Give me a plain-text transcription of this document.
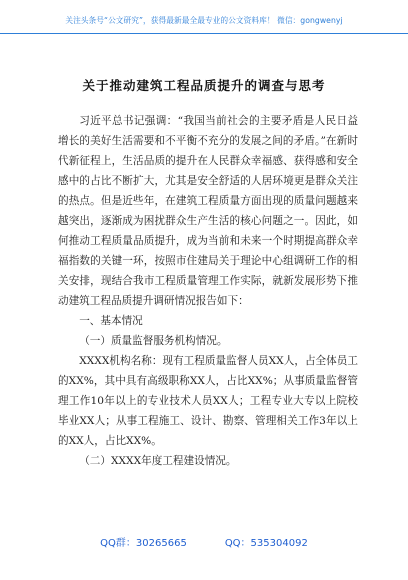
关注头条号“公文研究”，获得最新最全最专业的公文资料库！ 微信：gongwenyj
关于推动建筑工程品质提升的调查与思考

习近平总书记强调：“我国当前社会的主要矛盾是人民日益增长的美好生活需要和不平衡不充分的发展之间的矛盾。”在新时代新征程上，生活品质的提升在人民群众幸福感、获得感和安全感中的占比不断扩大，尤其是安全舒适的人居环境更是群众关注的热点。但是近些年，在建筑工程质量方面出现的质量问题越来越突出，逐渐成为困扰群众生产生活的核心问题之一。因此，如何推动工程质量品质提升，成为当前和未来一个时期提高群众幸福指数的关键一环，按照市住建局关于理论中心组调研工作的相关安排，现结合我市工程质量管理工作实际，就新发展形势下推动建筑工程品质提升调研情况报告如下：

一、基本情况

（一）质量监督服务机构情况。

XXXX机构名称：现有工程质量监督人员XX人，占全体员工的XX%，其中具有高级职称XX人，占比XX%；从事质量监督管理工作10年以上的专业技术人员XX人；工程专业大专以上院校毕业XX人；从事工程施工、设计、勘察、管理相关工作3年以上的XX人，占比XX%。

（二）XXXX年度工程建设情况。

QQ群：30265665	QQ：535304092
